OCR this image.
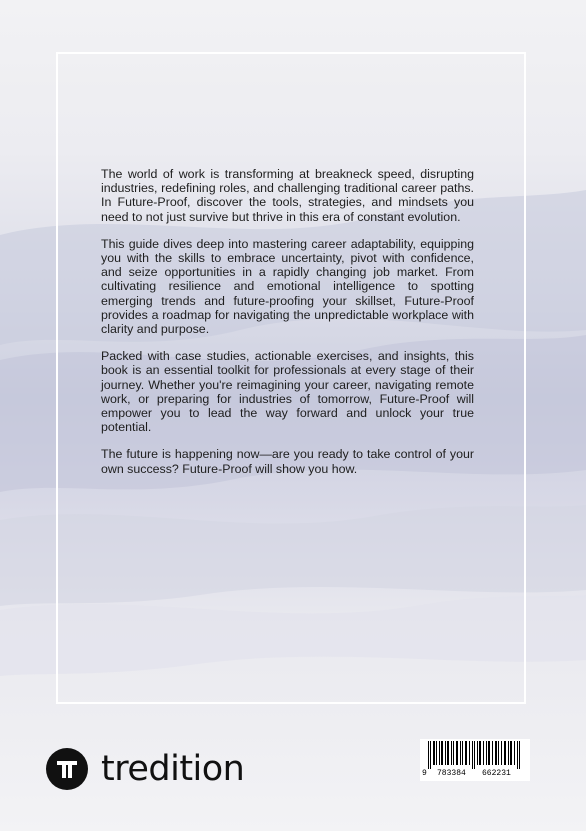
The world of work is transforming at breakneck speed, disrupting industries, redefining roles, and challenging traditional career paths. In Future-Proof, discover the tools, strategies, and mindsets you need to not just survive but thrive in this era of constant evolution.

This guide dives deep into mastering career adaptability, equipping you with the skills to embrace uncertainty, pivot with confidence, and seize opportunities in a rapidly changing job market. From cultivating resilience and emotional intelligence to spotting emerging trends and future-proofing your skillset, Future-Proof provides a roadmap for navigating the unpredictable workplace with clarity and purpose.

Packed with case studies, actionable exercises, and insights, this book is an essential toolkit for professionals at every stage of their journey. Whether you're reimagining your career, navigating remote work, or preparing for industries of tomorrow, Future-Proof will empower you to lead the way forward and unlock your true potential.

The future is happening now—are you ready to take control of your own success? Future-Proof will show you how.

tredition	9 783384 662231
